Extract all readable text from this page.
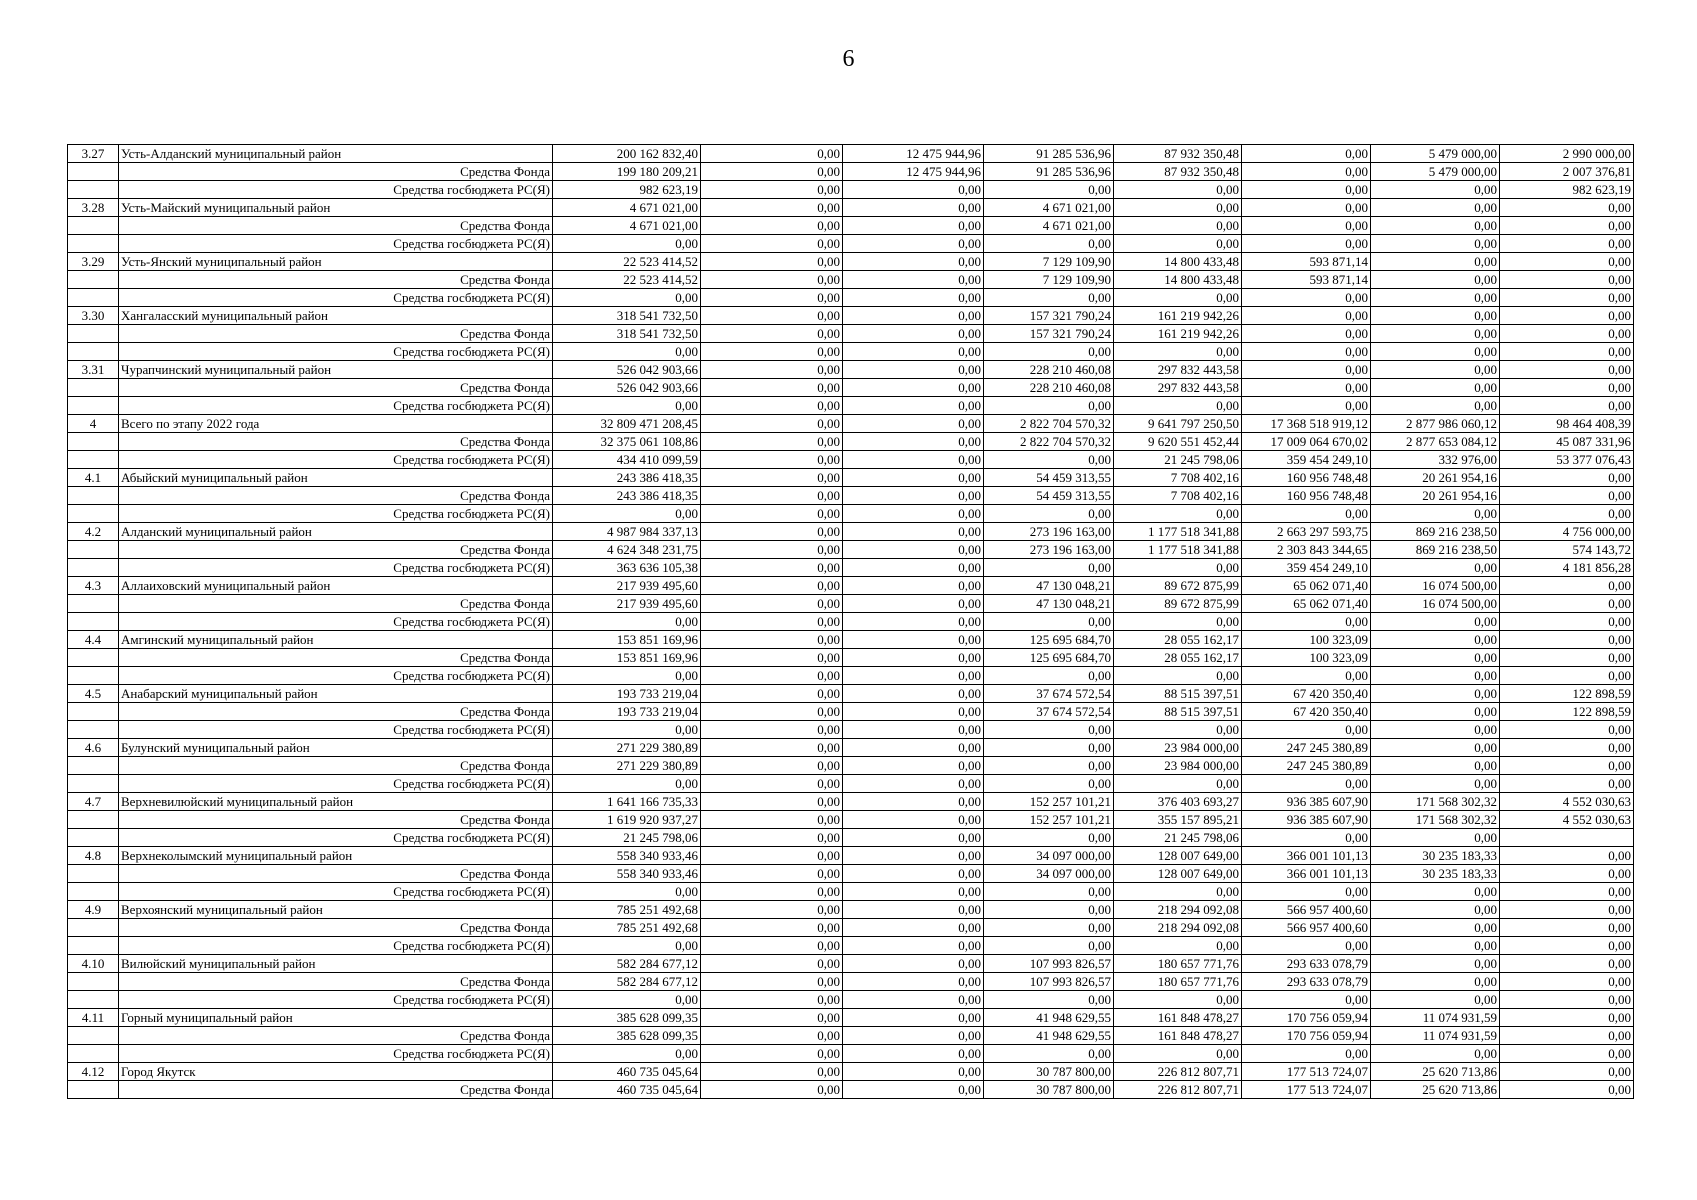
6
3.27	Усть-Алданский муниципальный район	200 162 832,40	0,00	12 475 944,96	91 285 536,96	87 932 350,48	0,00	5 479 000,00	2 990 000,00
	Средства Фонда	199 180 209,21	0,00	12 475 944,96	91 285 536,96	87 932 350,48	0,00	5 479 000,00	2 007 376,81
	Средства госбюджета РС(Я)	982 623,19	0,00	0,00	0,00	0,00	0,00	0,00	982 623,19
3.28	Усть-Майский муниципальный район	4 671 021,00	0,00	0,00	4 671 021,00	0,00	0,00	0,00	0,00
	Средства Фонда	4 671 021,00	0,00	0,00	4 671 021,00	0,00	0,00	0,00	0,00
	Средства госбюджета РС(Я)	0,00	0,00	0,00	0,00	0,00	0,00	0,00	0,00
3.29	Усть-Янский муниципальный район	22 523 414,52	0,00	0,00	7 129 109,90	14 800 433,48	593 871,14	0,00	0,00
	Средства Фонда	22 523 414,52	0,00	0,00	7 129 109,90	14 800 433,48	593 871,14	0,00	0,00
	Средства госбюджета РС(Я)	0,00	0,00	0,00	0,00	0,00	0,00	0,00	0,00
3.30	Хангаласский муниципальный район	318 541 732,50	0,00	0,00	157 321 790,24	161 219 942,26	0,00	0,00	0,00
	Средства Фонда	318 541 732,50	0,00	0,00	157 321 790,24	161 219 942,26	0,00	0,00	0,00
	Средства госбюджета РС(Я)	0,00	0,00	0,00	0,00	0,00	0,00	0,00	0,00
3.31	Чурапчинский муниципальный район	526 042 903,66	0,00	0,00	228 210 460,08	297 832 443,58	0,00	0,00	0,00
	Средства Фонда	526 042 903,66	0,00	0,00	228 210 460,08	297 832 443,58	0,00	0,00	0,00
	Средства госбюджета РС(Я)	0,00	0,00	0,00	0,00	0,00	0,00	0,00	0,00
4	Всего по этапу 2022 года	32 809 471 208,45	0,00	0,00	2 822 704 570,32	9 641 797 250,50	17 368 518 919,12	2 877 986 060,12	98 464 408,39
	Средства Фонда	32 375 061 108,86	0,00	0,00	2 822 704 570,32	9 620 551 452,44	17 009 064 670,02	2 877 653 084,12	45 087 331,96
	Средства госбюджета РС(Я)	434 410 099,59	0,00	0,00	0,00	21 245 798,06	359 454 249,10	332 976,00	53 377 076,43
4.1	Абыйский муниципальный район	243 386 418,35	0,00	0,00	54 459 313,55	7 708 402,16	160 956 748,48	20 261 954,16	0,00
	Средства Фонда	243 386 418,35	0,00	0,00	54 459 313,55	7 708 402,16	160 956 748,48	20 261 954,16	0,00
	Средства госбюджета РС(Я)	0,00	0,00	0,00	0,00	0,00	0,00	0,00	0,00
4.2	Алданский муниципальный район	4 987 984 337,13	0,00	0,00	273 196 163,00	1 177 518 341,88	2 663 297 593,75	869 216 238,50	4 756 000,00
	Средства Фонда	4 624 348 231,75	0,00	0,00	273 196 163,00	1 177 518 341,88	2 303 843 344,65	869 216 238,50	574 143,72
	Средства госбюджета РС(Я)	363 636 105,38	0,00	0,00	0,00	0,00	359 454 249,10	0,00	4 181 856,28
4.3	Аллаиховский муниципальный район	217 939 495,60	0,00	0,00	47 130 048,21	89 672 875,99	65 062 071,40	16 074 500,00	0,00
	Средства Фонда	217 939 495,60	0,00	0,00	47 130 048,21	89 672 875,99	65 062 071,40	16 074 500,00	0,00
	Средства госбюджета РС(Я)	0,00	0,00	0,00	0,00	0,00	0,00	0,00	0,00
4.4	Амгинский муниципальный район	153 851 169,96	0,00	0,00	125 695 684,70	28 055 162,17	100 323,09	0,00	0,00
	Средства Фонда	153 851 169,96	0,00	0,00	125 695 684,70	28 055 162,17	100 323,09	0,00	0,00
	Средства госбюджета РС(Я)	0,00	0,00	0,00	0,00	0,00	0,00	0,00	0,00
4.5	Анабарский муниципальный район	193 733 219,04	0,00	0,00	37 674 572,54	88 515 397,51	67 420 350,40	0,00	122 898,59
	Средства Фонда	193 733 219,04	0,00	0,00	37 674 572,54	88 515 397,51	67 420 350,40	0,00	122 898,59
	Средства госбюджета РС(Я)	0,00	0,00	0,00	0,00	0,00	0,00	0,00	0,00
4.6	Булунский муниципальный район	271 229 380,89	0,00	0,00	0,00	23 984 000,00	247 245 380,89	0,00	0,00
	Средства Фонда	271 229 380,89	0,00	0,00	0,00	23 984 000,00	247 245 380,89	0,00	0,00
	Средства госбюджета РС(Я)	0,00	0,00	0,00	0,00	0,00	0,00	0,00	0,00
4.7	Верхневилюйский муниципальный район	1 641 166 735,33	0,00	0,00	152 257 101,21	376 403 693,27	936 385 607,90	171 568 302,32	4 552 030,63
	Средства Фонда	1 619 920 937,27	0,00	0,00	152 257 101,21	355 157 895,21	936 385 607,90	171 568 302,32	4 552 030,63
	Средства госбюджета РС(Я)	21 245 798,06	0,00	0,00	0,00	21 245 798,06	0,00	0,00	
4.8	Верхнеколымский муниципальный район	558 340 933,46	0,00	0,00	34 097 000,00	128 007 649,00	366 001 101,13	30 235 183,33	0,00
	Средства Фонда	558 340 933,46	0,00	0,00	34 097 000,00	128 007 649,00	366 001 101,13	30 235 183,33	0,00
	Средства госбюджета РС(Я)	0,00	0,00	0,00	0,00	0,00	0,00	0,00	0,00
4.9	Верхоянский муниципальный район	785 251 492,68	0,00	0,00	0,00	218 294 092,08	566 957 400,60	0,00	0,00
	Средства Фонда	785 251 492,68	0,00	0,00	0,00	218 294 092,08	566 957 400,60	0,00	0,00
	Средства госбюджета РС(Я)	0,00	0,00	0,00	0,00	0,00	0,00	0,00	0,00
4.10	Вилюйский муниципальный район	582 284 677,12	0,00	0,00	107 993 826,57	180 657 771,76	293 633 078,79	0,00	0,00
	Средства Фонда	582 284 677,12	0,00	0,00	107 993 826,57	180 657 771,76	293 633 078,79	0,00	0,00
	Средства госбюджета РС(Я)	0,00	0,00	0,00	0,00	0,00	0,00	0,00	0,00
4.11	Горный муниципальный район	385 628 099,35	0,00	0,00	41 948 629,55	161 848 478,27	170 756 059,94	11 074 931,59	0,00
	Средства Фонда	385 628 099,35	0,00	0,00	41 948 629,55	161 848 478,27	170 756 059,94	11 074 931,59	0,00
	Средства госбюджета РС(Я)	0,00	0,00	0,00	0,00	0,00	0,00	0,00	0,00
4.12	Город Якутск	460 735 045,64	0,00	0,00	30 787 800,00	226 812 807,71	177 513 724,07	25 620 713,86	0,00
	Средства Фонда	460 735 045,64	0,00	0,00	30 787 800,00	226 812 807,71	177 513 724,07	25 620 713,86	0,00
